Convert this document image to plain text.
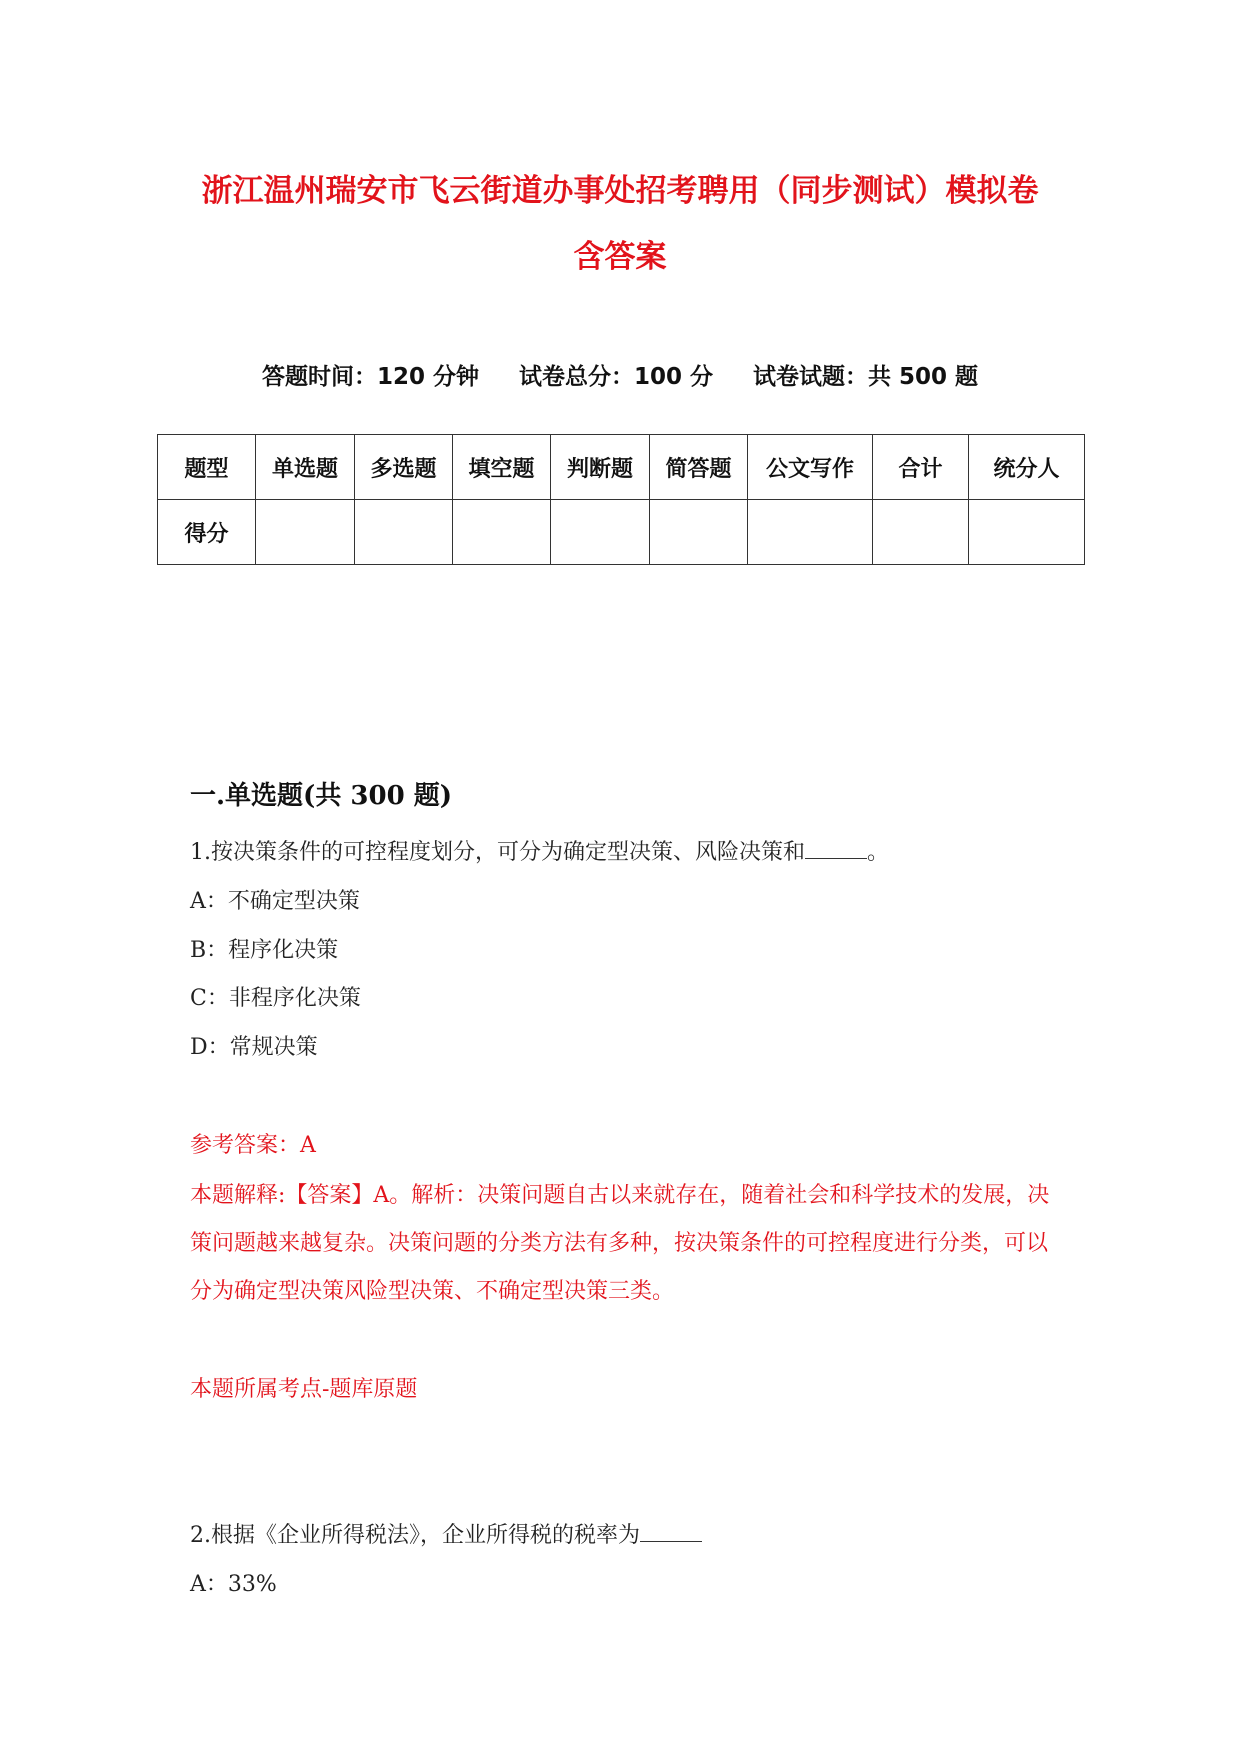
浙江温州瑞安市飞云街道办事处招考聘用（同步测试）模拟卷含答案
答题时间：120 分钟 试卷总分：100 分 试卷试题：共 500 题
题型	单选题	多选题	填空题	判断题	简答题	公文写作	合计	统分人
得分								
一.单选题(共 300 题)
1.按决策条件的可控程度划分，可分为确定型决策、风险决策和	。
A：不确定型决策
B：程序化决策
C：非程序化决策
D：常规决策
参考答案：A
本题解释:【答案】A。解析：决策问题自古以来就存在，随着社会和科学技术的发展，决策问题越来越复杂。决策问题的分类方法有多种，按决策条件的可控程度进行分类，可以分为确定型决策风险型决策、不确定型决策三类。
本题所属考点-题库原题
2.根据《企业所得税法》，企业所得税的税率为
A：33%
